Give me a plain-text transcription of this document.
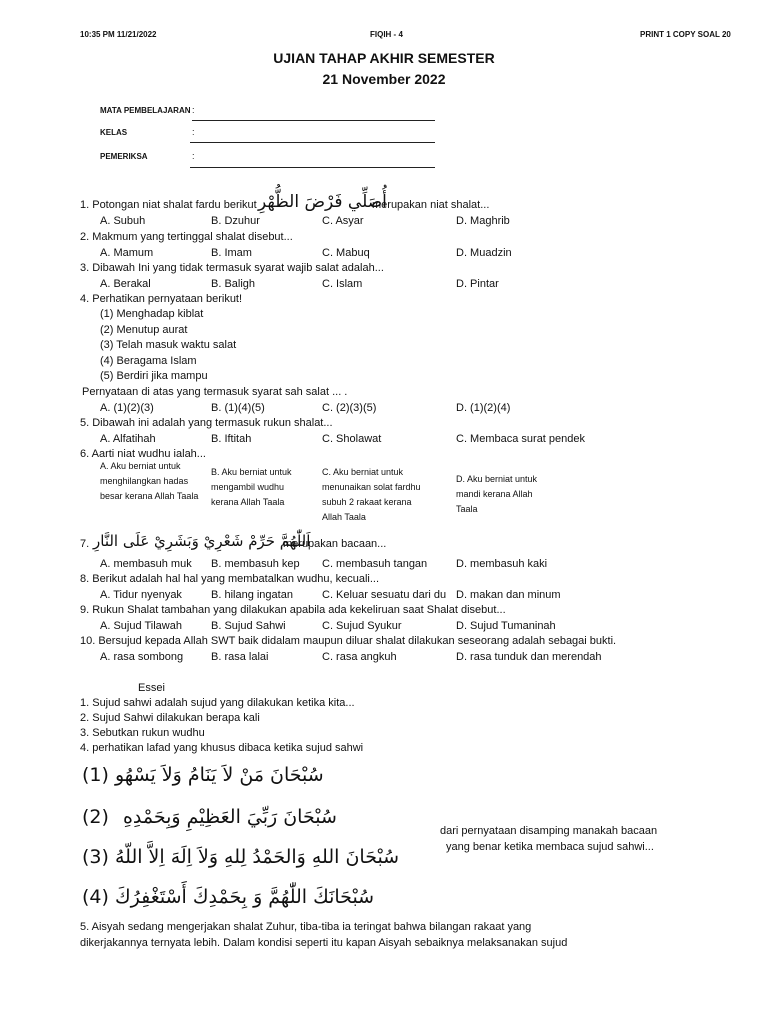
10:35 PM 11/21/2022	FIQIH - 4	PRINT 1 COPY SOAL 20
UJIAN TAHAP AKHIR SEMESTER
21 November 2022
MATA PEMBELAJARAN :
KELAS	:
PEMERIKSA	:
1. Potongan niat shalat fardu berikut أُصَلِّي فَرْضَ الظُّهْرِ
merupakan niat shalat...
A. Subuh	B. Dzuhur	C. Asyar	D. Maghrib
2. Makmum yang tertinggal shalat disebut...
A. Mamum	B. Imam	C. Mabuq	D. Muadzin
3. Dibawah Ini yang tidak termasuk syarat wajib salat adalah...
A. Berakal	B. Baligh	C. Islam	D. Pintar
4. Perhatikan pernyataan berikut!
(1) Menghadap kiblat
(2) Menutup aurat
(3) Telah masuk waktu salat
(4) Beragama Islam
(5) Berdiri jika mampu
Pernyataan di atas yang termasuk syarat sah salat ... .
A. (1)(2)(3)	B. (1)(4)(5)	C. (2)(3)(5)	D. (1)(2)(4)
5. Dibawah ini adalah yang termasuk rukun shalat...
A. Alfatihah	B. Iftitah	C. Sholawat	C. Membaca surat pendek
6. Aarti niat wudhu ialah...
A. Aku berniat untuk menghilangkan hadas besar kerana Allah Taala
B. Aku berniat untuk mengambil wudhu kerana Allah Taala
C. Aku berniat untuk menunaikan solat fardhu subuh 2 rakaat kerana Allah Taala
D. Aku berniat untuk mandi kerana Allah Taala
7. اَللّٰهُمَّ حَرِّمْ شَعْرِيْ وَبَشَرِيْ عَلَى النَّارِ
merupakan bacaan...
A. membasuh muk B. membasuh kep C. membasuh tangan	D. membasuh kaki
8. Berikut adalah hal hal yang membatalkan wudhu, kecuali...
A. Tidur nyenyak	B. hilang ingatan	C. Keluar sesuatu dari du D. makan dan minum
9. Rukun Shalat tambahan yang dilakukan apabila ada kekeliruan saat Shalat disebut...
A. Sujud Tilawah	B. Sujud Sahwi	C. Sujud Syukur	D. Sujud Tumaninah
10. Bersujud kepada Allah SWT baik didalam maupun diluar shalat dilakukan seseorang adalah sebagai bukti.
A. rasa sombong	B. rasa lalai	C. rasa angkuh	D. rasa tunduk dan merendah
Essei
1. Sujud sahwi adalah sujud yang dilakukan ketika kita...
2. Sujud Sahwi dilakukan berapa kali
3. Sebutkan rukun wudhu
4. perhatikan lafad yang khusus dibaca ketika sujud sahwi
(1) سُبْحَانَ مَنْ لاَ يَنَامُ وَلاَ يَسْهُو
(2) سُبْحَانَ رَبِّيَ العَظِيْمِ وَبِحَمْدِهِ
(3) سُبْحَانَ اللهِ وَالحَمْدُ لِلهِ وَلاَ اِلَهَ اِلاَّ اللّهُ
(4) سُبْحَانَكَ اللّٰهُمَّ وَ بِحَمْدِكَ أَسْتَغْفِرُكَ
dari pernyataan disamping manakah bacaan
yang benar ketika membaca sujud sahwi...
5. Aisyah sedang mengerjakan shalat Zuhur, tiba-tiba ia teringat bahwa bilangan rakaat yang
dikerjakannya ternyata lebih. Dalam kondisi seperti itu kapan Aisyah sebaiknya melaksanakan sujud
